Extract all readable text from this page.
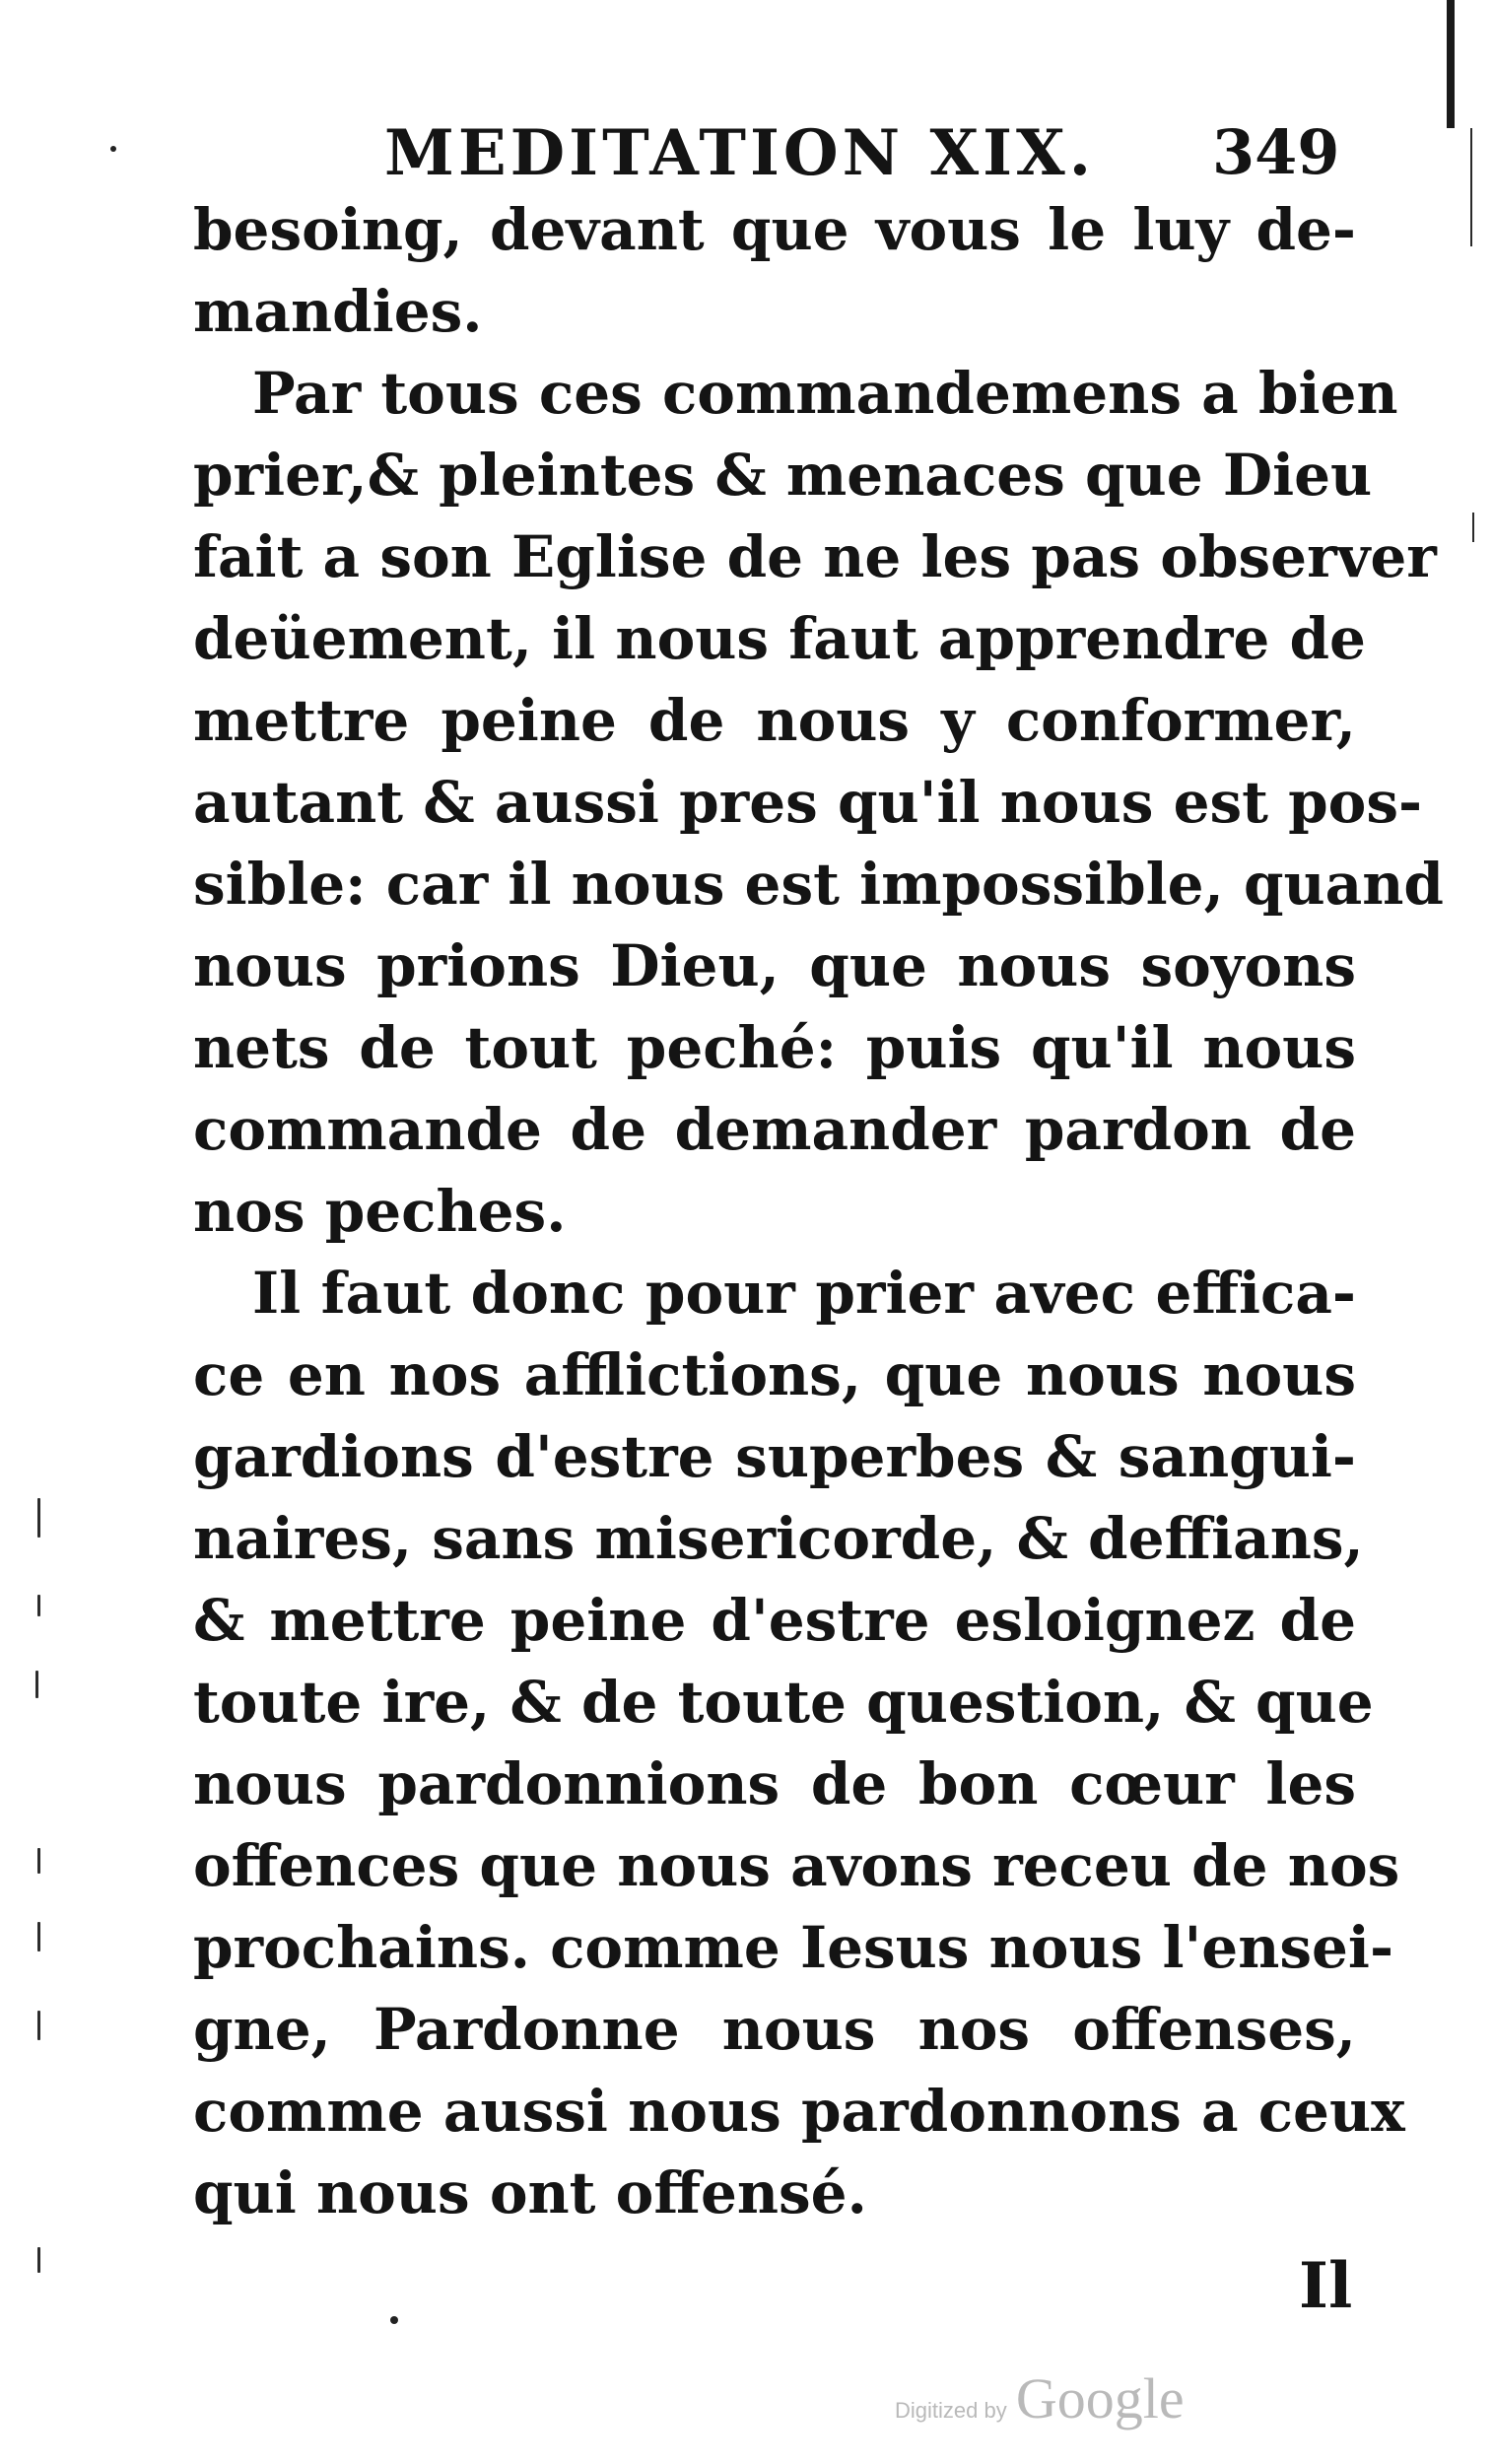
MEDITATION XIX. 349
besoing, devant que vous le luy de-
mandies.
Par tous ces commandemens a bien
prier,& pleintes & menaces que Dieu
fait a son Eglise de ne les pas observer
deüement, il nous faut apprendre de
mettre peine de nous y conformer,
autant & aussi pres qu'il nous est pos-
sible: car il nous est impossible, quand
nous prions Dieu, que nous soyons
nets de tout peché: puis qu'il nous
commande de demander pardon de
nos peches.
Il faut donc pour prier avec effica-
ce en nos afflictions, que nous nous
gardions d'estre superbes & sangui-
naires, sans misericorde, & deffians,
& mettre peine d'estre esloignez de
toute ire, & de toute question, & que
nous pardonnions de bon cœur les
offences que nous avons receu de nos
prochains. comme Iesus nous l'ensei-
gne, Pardonne nous nos offenses,
comme aussi nous pardonnons a ceux
qui nous ont offensé.
Il
Digitized by Google
